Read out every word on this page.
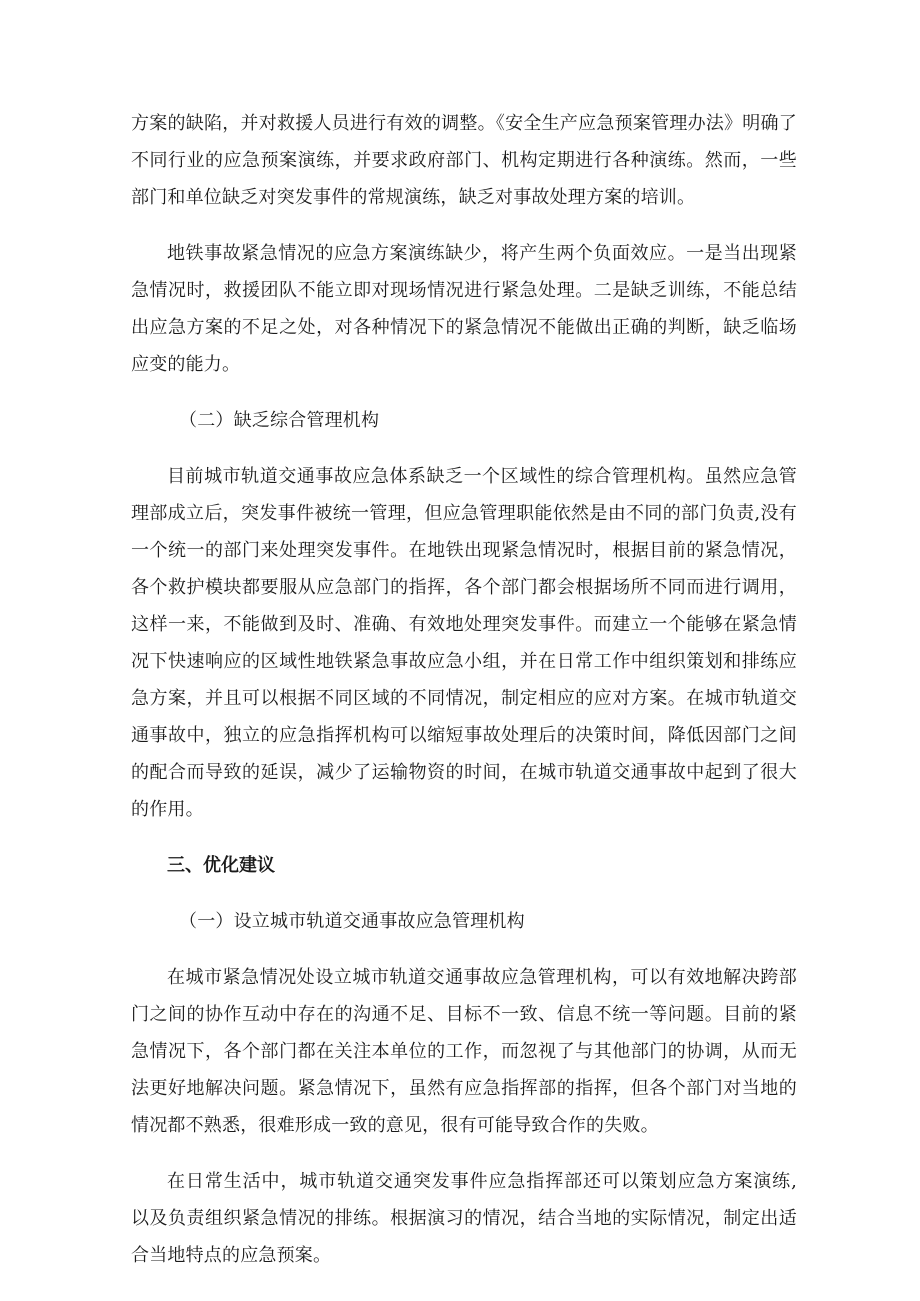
方案的缺陷，并对救援人员进行有效的调整。《安全生产应急预案管理办法》明确了不同行业的应急预案演练，并要求政府部门、机构定期进行各种演练。然而，一些部门和单位缺乏对突发事件的常规演练，缺乏对事故处理方案的培训。

地铁事故紧急情况的应急方案演练缺少，将产生两个负面效应。一是当出现紧急情况时，救援团队不能立即对现场情况进行紧急处理。二是缺乏训练，不能总结出应急方案的不足之处，对各种情况下的紧急情况不能做出正确的判断，缺乏临场应变的能力。

（二）缺乏综合管理机构

目前城市轨道交通事故应急体系缺乏一个区域性的综合管理机构。虽然应急管理部成立后，突发事件被统一管理，但应急管理职能依然是由不同的部门负责,没有一个统一的部门来处理突发事件。在地铁出现紧急情况时，根据目前的紧急情况，各个救护模块都要服从应急部门的指挥，各个部门都会根据场所不同而进行调用，这样一来，不能做到及时、准确、有效地处理突发事件。而建立一个能够在紧急情况下快速响应的区域性地铁紧急事故应急小组，并在日常工作中组织策划和排练应急方案，并且可以根据不同区域的不同情况，制定相应的应对方案。在城市轨道交通事故中，独立的应急指挥机构可以缩短事故处理后的决策时间，降低因部门之间的配合而导致的延误，减少了运输物资的时间，在城市轨道交通事故中起到了很大的作用。

三、优化建议

（一）设立城市轨道交通事故应急管理机构

在城市紧急情况处设立城市轨道交通事故应急管理机构，可以有效地解决跨部门之间的协作互动中存在的沟通不足、目标不一致、信息不统一等问题。目前的紧急情况下，各个部门都在关注本单位的工作，而忽视了与其他部门的协调，从而无法更好地解决问题。紧急情况下，虽然有应急指挥部的指挥，但各个部门对当地的情况都不熟悉，很难形成一致的意见，很有可能导致合作的失败。

在日常生活中，城市轨道交通突发事件应急指挥部还可以策划应急方案演练, 以及负责组织紧急情况的排练。根据演习的情况，结合当地的实际情况，制定出适合当地特点的应急预案。
